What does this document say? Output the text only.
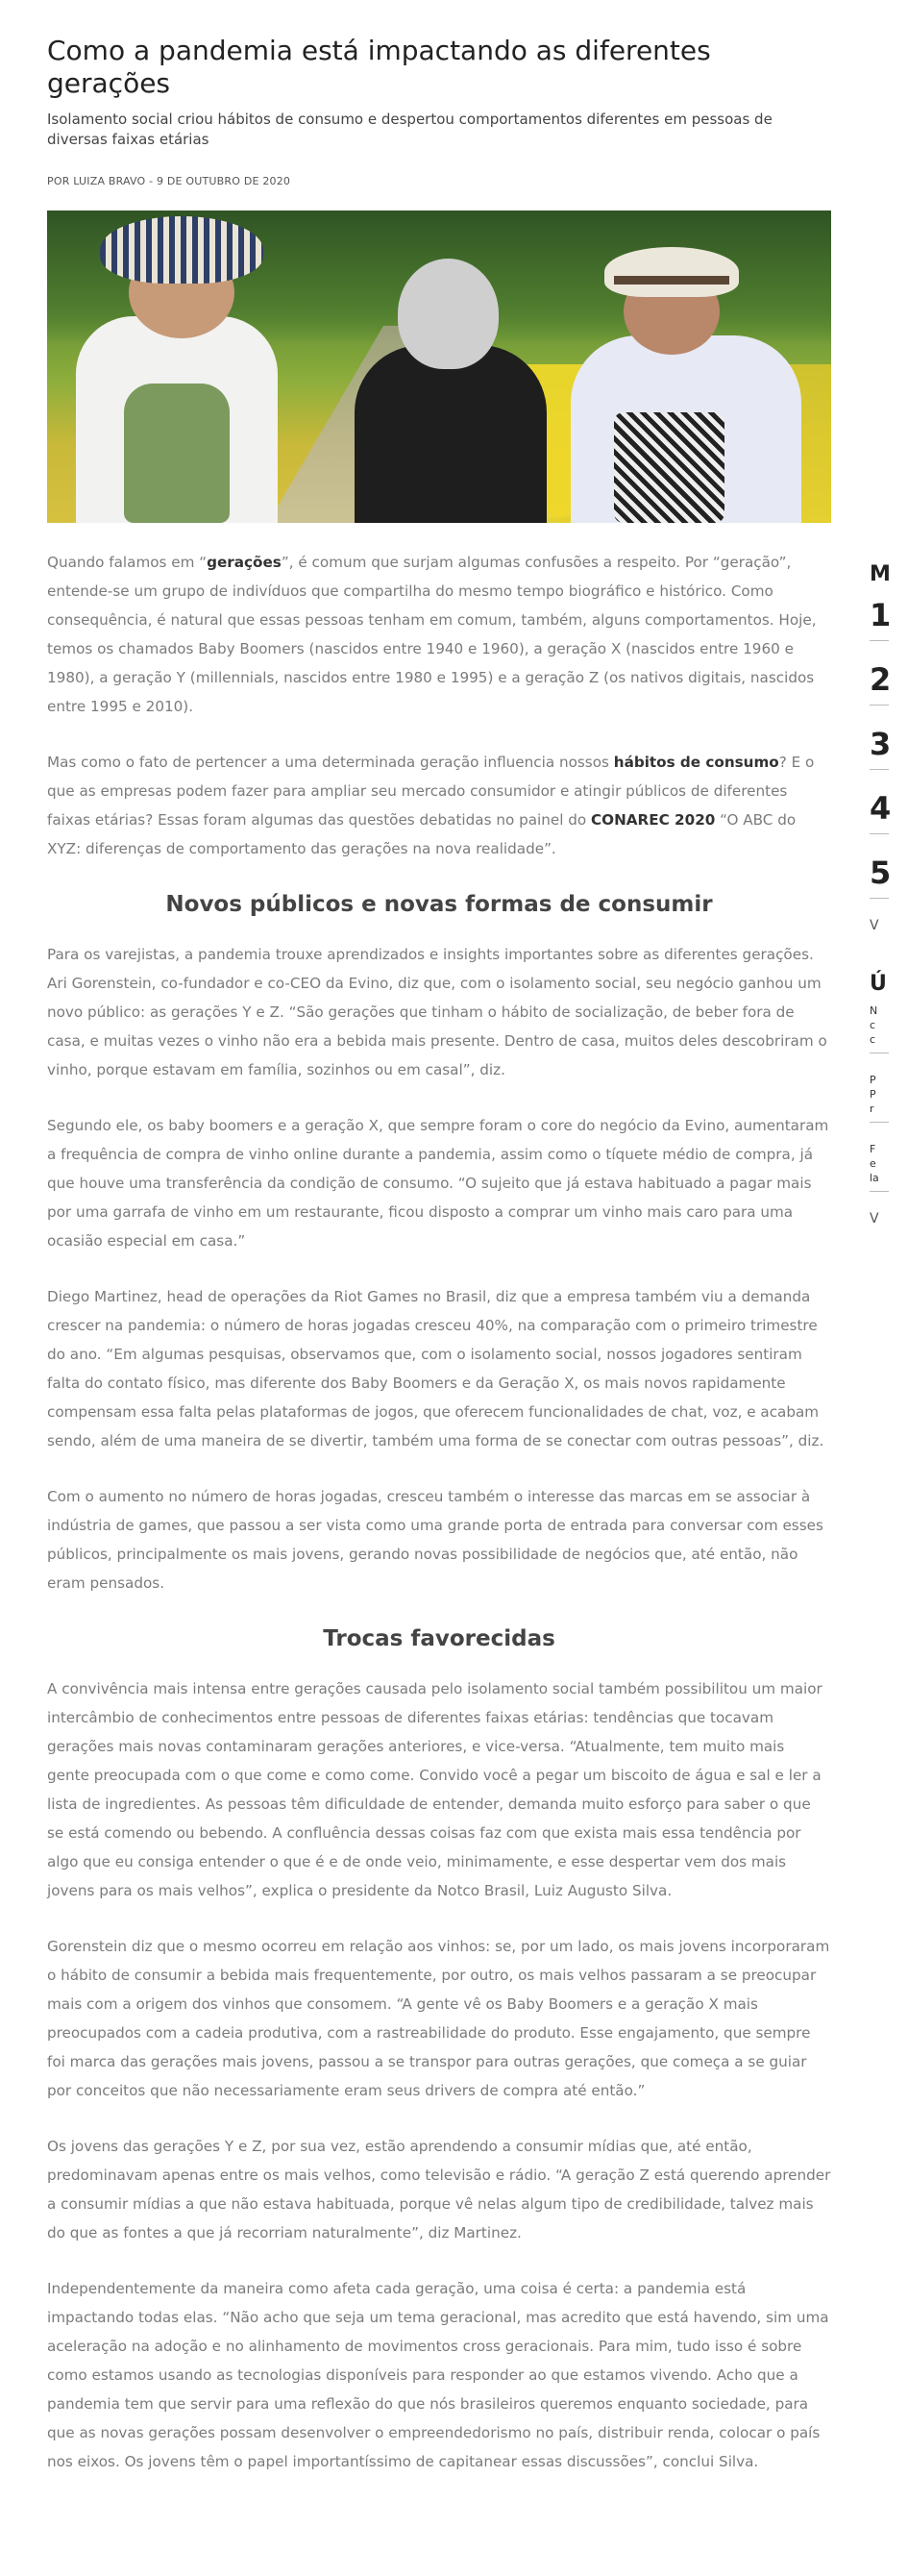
Como a pandemia está impactando as diferentes gerações

Isolamento social criou hábitos de consumo e despertou comportamentos diferentes em pessoas de diversas faixas etárias

POR LUIZA BRAVO - 9 DE OUTUBRO DE 2020

Quando falamos em “gerações”, é comum que surjam algumas confusões a respeito. Por “geração”, entende-se um grupo de indivíduos que compartilha do mesmo tempo biográfico e histórico. Como consequência, é natural que essas pessoas tenham em comum, também, alguns comportamentos. Hoje, temos os chamados Baby Boomers (nascidos entre 1940 e 1960), a geração X (nascidos entre 1960 e 1980), a geração Y (millennials, nascidos entre 1980 e 1995) e a geração Z (os nativos digitais, nascidos entre 1995 e 2010).

Mas como o fato de pertencer a uma determinada geração influencia nossos hábitos de consumo? E o que as empresas podem fazer para ampliar seu mercado consumidor e atingir públicos de diferentes faixas etárias? Essas foram algumas das questões debatidas no painel do CONAREC 2020 “O ABC do XYZ: diferenças de comportamento das gerações na nova realidade”.

Novos públicos e novas formas de consumir

Para os varejistas, a pandemia trouxe aprendizados e insights importantes sobre as diferentes gerações. Ari Gorenstein, co-fundador e co-CEO da Evino, diz que, com o isolamento social, seu negócio ganhou um novo público: as gerações Y e Z. “São gerações que tinham o hábito de socialização, de beber fora de casa, e muitas vezes o vinho não era a bebida mais presente. Dentro de casa, muitos deles descobriram o vinho, porque estavam em família, sozinhos ou em casal”, diz.

Segundo ele, os baby boomers e a geração X, que sempre foram o core do negócio da Evino, aumentaram a frequência de compra de vinho online durante a pandemia, assim como o tíquete médio de compra, já que houve uma transferência da condição de consumo. “O sujeito que já estava habituado a pagar mais por uma garrafa de vinho em um restaurante, ficou disposto a comprar um vinho mais caro para uma ocasião especial em casa.”

Diego Martinez, head de operações da Riot Games no Brasil, diz que a empresa também viu a demanda crescer na pandemia: o número de horas jogadas cresceu 40%, na comparação com o primeiro trimestre do ano. “Em algumas pesquisas, observamos que, com o isolamento social, nossos jogadores sentiram falta do contato físico, mas diferente dos Baby Boomers e da Geração X, os mais novos rapidamente compensam essa falta pelas plataformas de jogos, que oferecem funcionalidades de chat, voz, e acabam sendo, além de uma maneira de se divertir, também uma forma de se conectar com outras pessoas”, diz.

Com o aumento no número de horas jogadas, cresceu também o interesse das marcas em se associar à indústria de games, que passou a ser vista como uma grande porta de entrada para conversar com esses públicos, principalmente os mais jovens, gerando novas possibilidade de negócios que, até então, não eram pensados.

Trocas favorecidas

A convivência mais intensa entre gerações causada pelo isolamento social também possibilitou um maior intercâmbio de conhecimentos entre pessoas de diferentes faixas etárias: tendências que tocavam gerações mais novas contaminaram gerações anteriores, e vice-versa. “Atualmente, tem muito mais gente preocupada com o que come e como come. Convido você a pegar um biscoito de água e sal e ler a lista de ingredientes. As pessoas têm dificuldade de entender, demanda muito esforço para saber o que se está comendo ou bebendo. A confluência dessas coisas faz com que exista mais essa tendência por algo que eu consiga entender o que é e de onde veio, minimamente, e esse despertar vem dos mais jovens para os mais velhos”, explica o presidente da Notco Brasil, Luiz Augusto Silva.

Gorenstein diz que o mesmo ocorreu em relação aos vinhos: se, por um lado, os mais jovens incorporaram o hábito de consumir a bebida mais frequentemente, por outro, os mais velhos passaram a se preocupar mais com a origem dos vinhos que consomem. “A gente vê os Baby Boomers e a geração X mais preocupados com a cadeia produtiva, com a rastreabilidade do produto. Esse engajamento, que sempre foi marca das gerações mais jovens, passou a se transpor para outras gerações, que começa a se guiar por conceitos que não necessariamente eram seus drivers de compra até então.”

Os jovens das gerações Y e Z, por sua vez, estão aprendendo a consumir mídias que, até então, predominavam apenas entre os mais velhos, como televisão e rádio. “A geração Z está querendo aprender a consumir mídias a que não estava habituada, porque vê nelas algum tipo de credibilidade, talvez mais do que as fontes a que já recorriam naturalmente”, diz Martinez.

Independentemente da maneira como afeta cada geração, uma coisa é certa: a pandemia está impactando todas elas. “Não acho que seja um tema geracional, mas acredito que está havendo, sim uma aceleração na adoção e no alinhamento de movimentos cross geracionais. Para mim, tudo isso é sobre como estamos usando as tecnologias disponíveis para responder ao que estamos vivendo. Acho que a pandemia tem que servir para uma reflexão do que nós brasileiros queremos enquanto sociedade, para que as novas gerações possam desenvolver o empreendedorismo no país, distribuir renda, colocar o país nos eixos. Os jovens têm o papel importantíssimo de capitanear essas discussões”, conclui Silva.

M
1
2
3
4
5
V
Ú
N
c
c
P
P
r
F
e
la
V
